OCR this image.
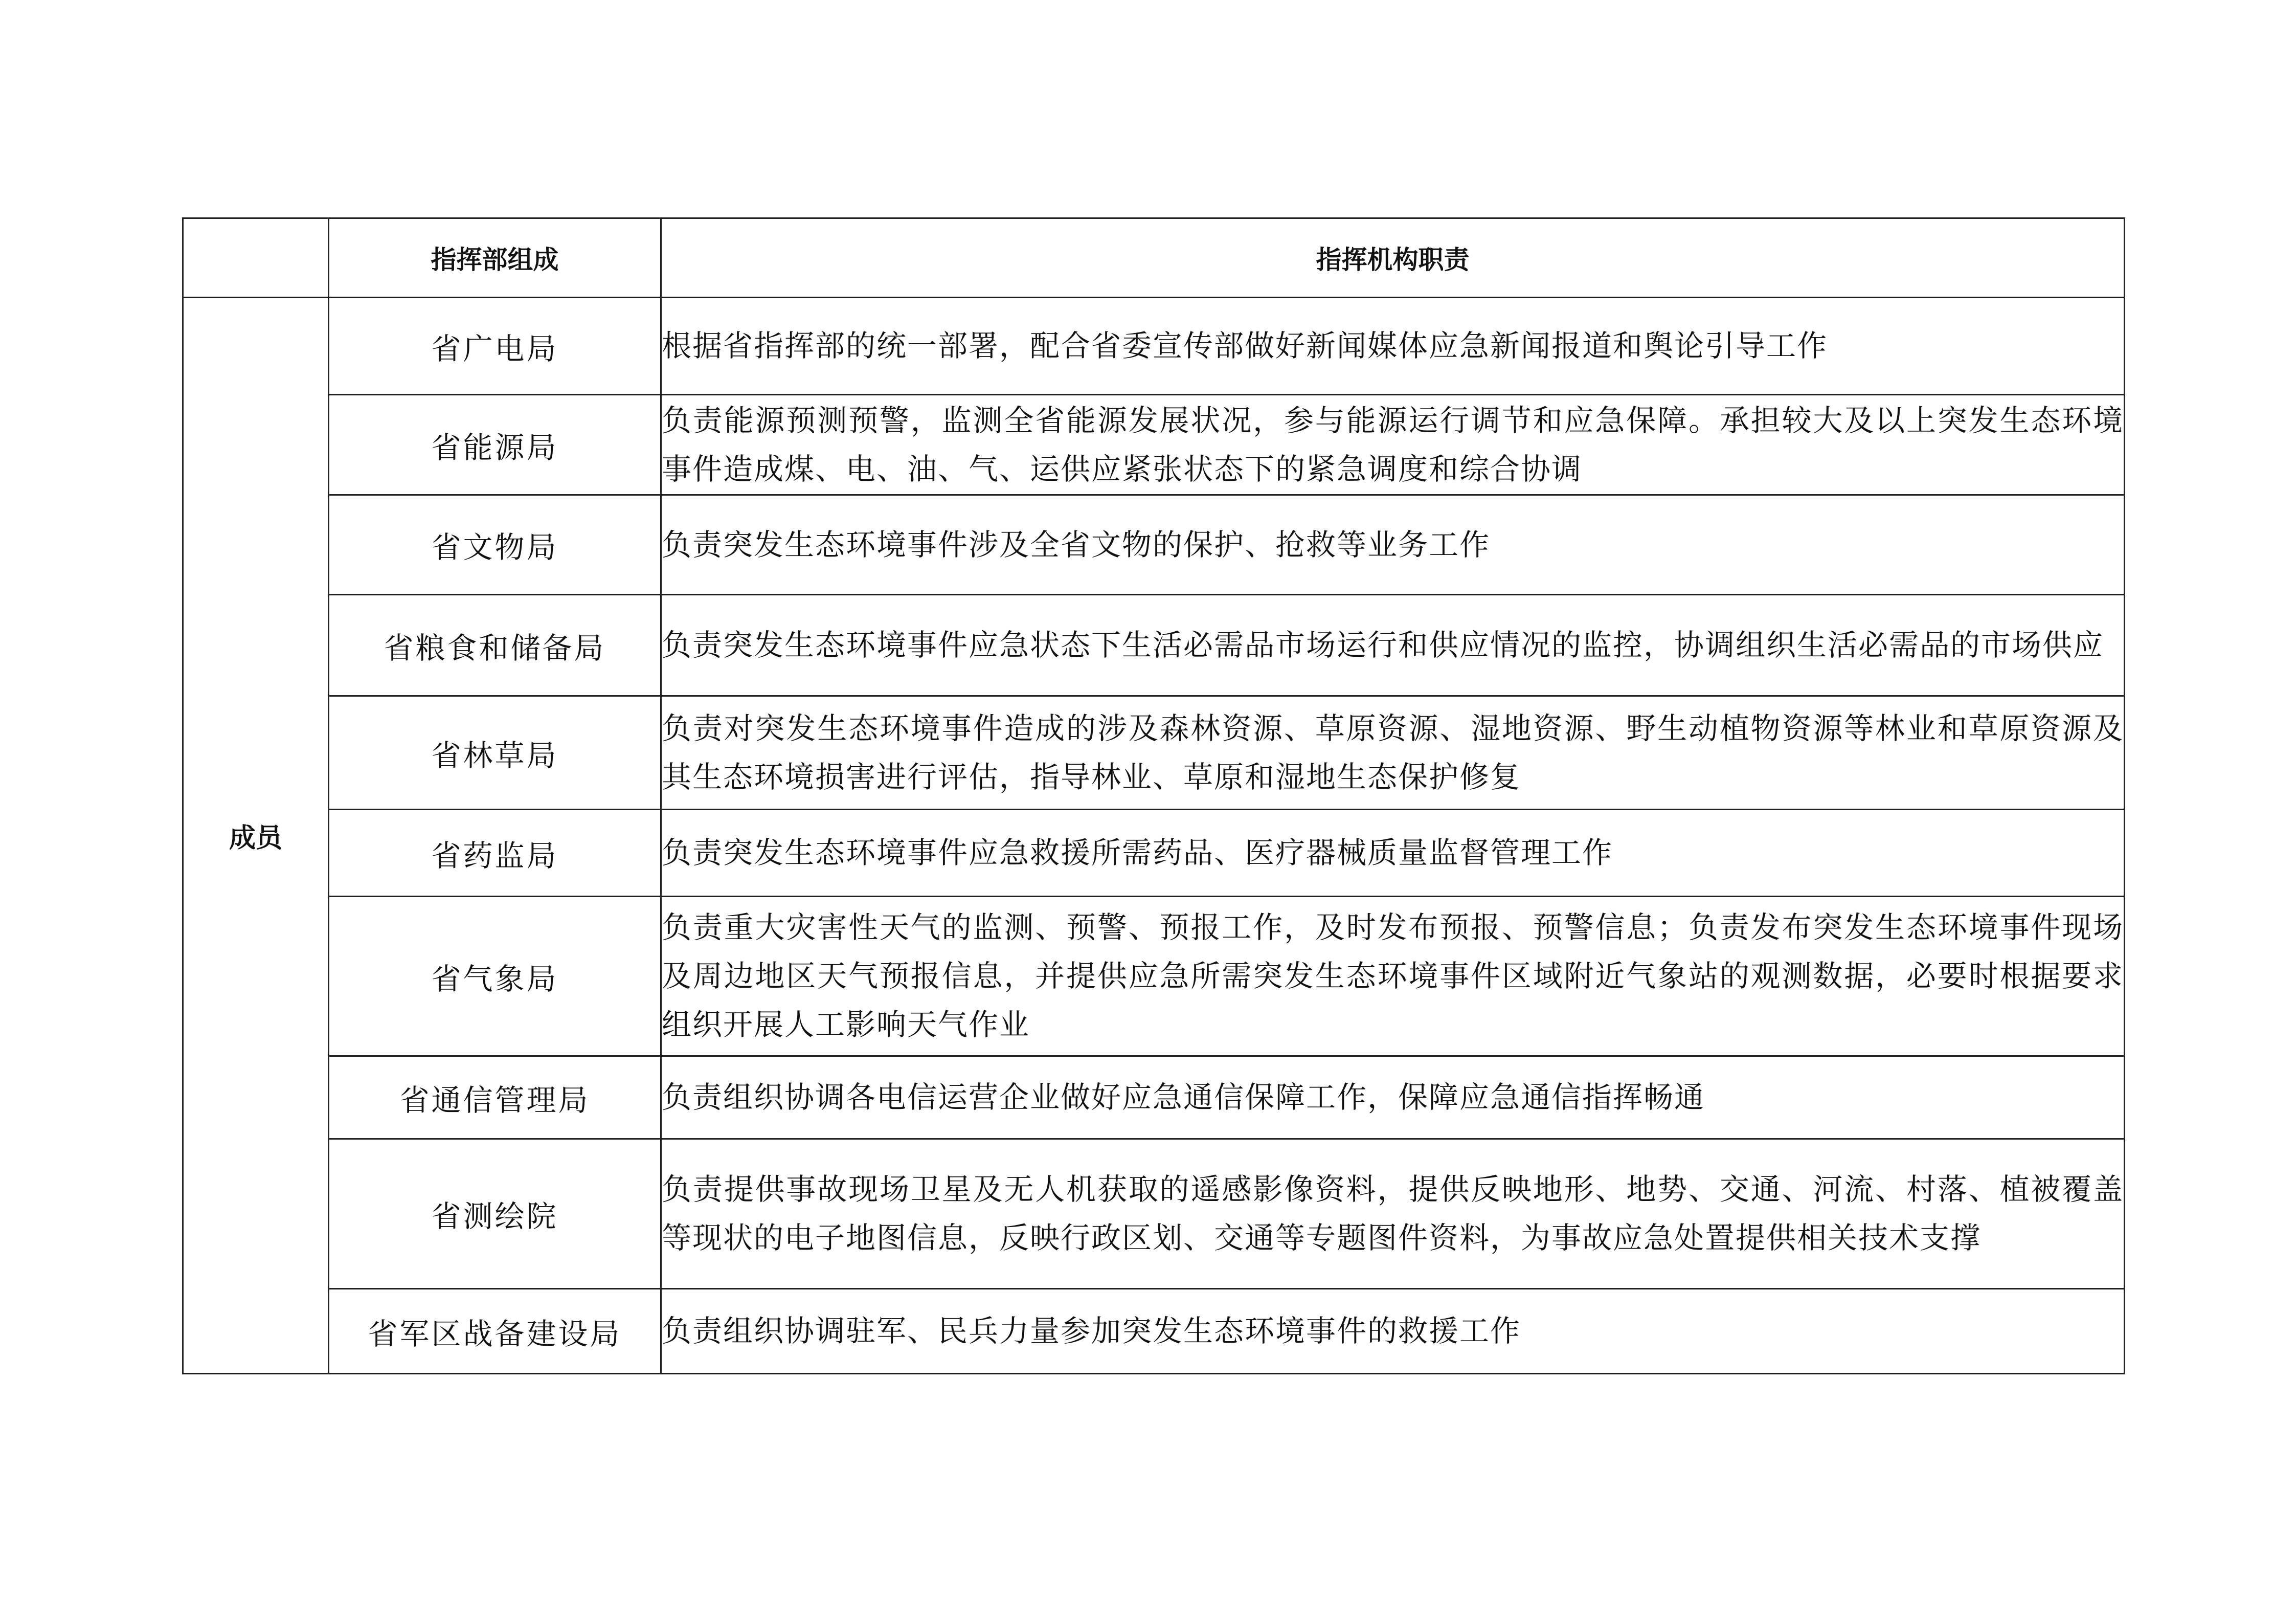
	指挥部组成	指挥机构职责
成员	省广电局	根据省指挥部的统一部署，配合省委宣传部做好新闻媒体应急新闻报道和舆论引导工作
	省能源局	负责能源预测预警，监测全省能源发展状况，参与能源运行调节和应急保障。承担较大及以上突发生态环境事件造成煤、电、油、气、运供应紧张状态下的紧急调度和综合协调
	省文物局	负责突发生态环境事件涉及全省文物的保护、抢救等业务工作
	省粮食和储备局	负责突发生态环境事件应急状态下生活必需品市场运行和供应情况的监控，协调组织生活必需品的市场供应
	省林草局	负责对突发生态环境事件造成的涉及森林资源、草原资源、湿地资源、野生动植物资源等林业和草原资源及其生态环境损害进行评估，指导林业、草原和湿地生态保护修复
	省药监局	负责突发生态环境事件应急救援所需药品、医疗器械质量监督管理工作
	省气象局	负责重大灾害性天气的监测、预警、预报工作，及时发布预报、预警信息；负责发布突发生态环境事件现场及周边地区天气预报信息，并提供应急所需突发生态环境事件区域附近气象站的观测数据，必要时根据要求组织开展人工影响天气作业
	省通信管理局	负责组织协调各电信运营企业做好应急通信保障工作，保障应急通信指挥畅通
	省测绘院	负责提供事故现场卫星及无人机获取的遥感影像资料，提供反映地形、地势、交通、河流、村落、植被覆盖等现状的电子地图信息，反映行政区划、交通等专题图件资料，为事故应急处置提供相关技术支撑
	省军区战备建设局	负责组织协调驻军、民兵力量参加突发生态环境事件的救援工作
